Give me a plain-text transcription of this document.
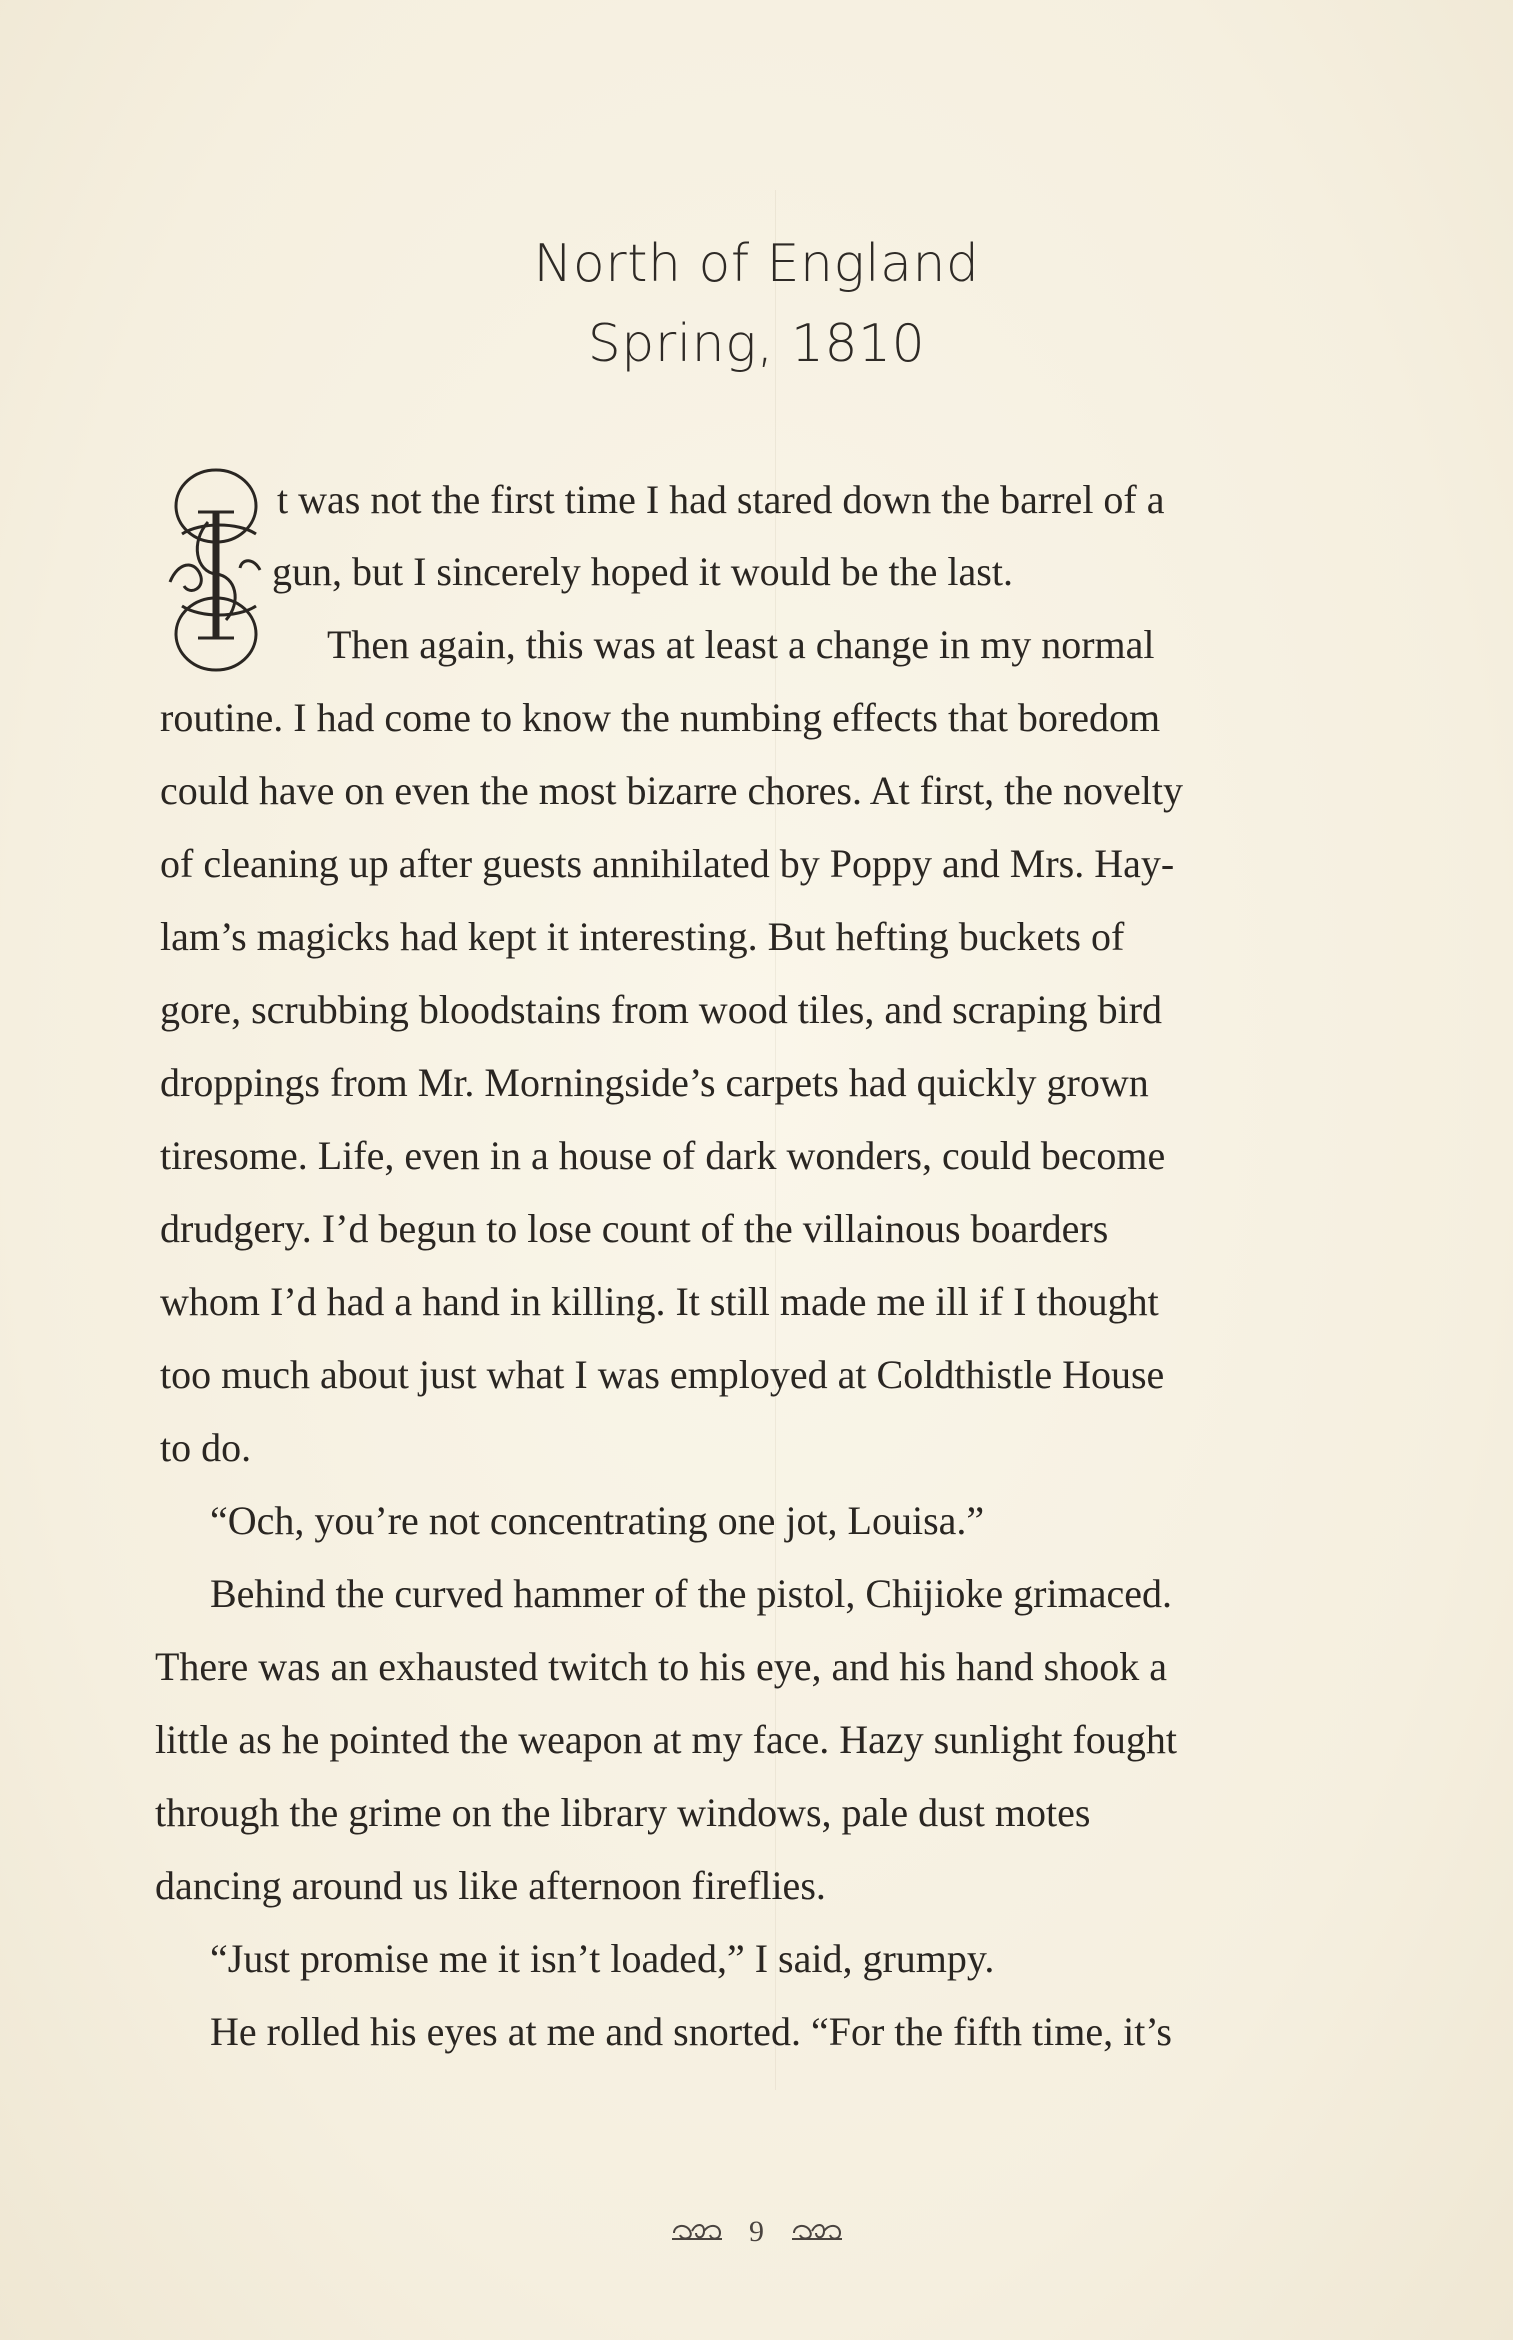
North of England
Spring, 1810
t was not the first time I had stared down the barrel of a
gun, but I sincerely hoped it would be the last.
Then again, this was at least a change in my normal
routine. I had come to know the numbing effects that boredom
could have on even the most bizarre chores. At first, the novelty
of cleaning up after guests annihilated by Poppy and Mrs. Hay-
lam’s magicks had kept it interesting. But hefting buckets of
gore, scrubbing bloodstains from wood tiles, and scraping bird
droppings from Mr. Morningside’s carpets had quickly grown
tiresome. Life, even in a house of dark wonders, could become
drudgery. I’d begun to lose count of the villainous boarders
whom I’d had a hand in killing. It still made me ill if I thought
too much about just what I was employed at Coldthistle House
to do.
“Och, you’re not concentrating one jot, Louisa.”
Behind the curved hammer of the pistol, Chijioke grimaced.
There was an exhausted twitch to his eye, and his hand shook a
little as he pointed the weapon at my face. Hazy sunlight fought
through the grime on the library windows, pale dust motes
dancing around us like afternoon fireflies.
“Just promise me it isn’t loaded,” I said, grumpy.
He rolled his eyes at me and snorted. “For the fifth time, it’s
9
